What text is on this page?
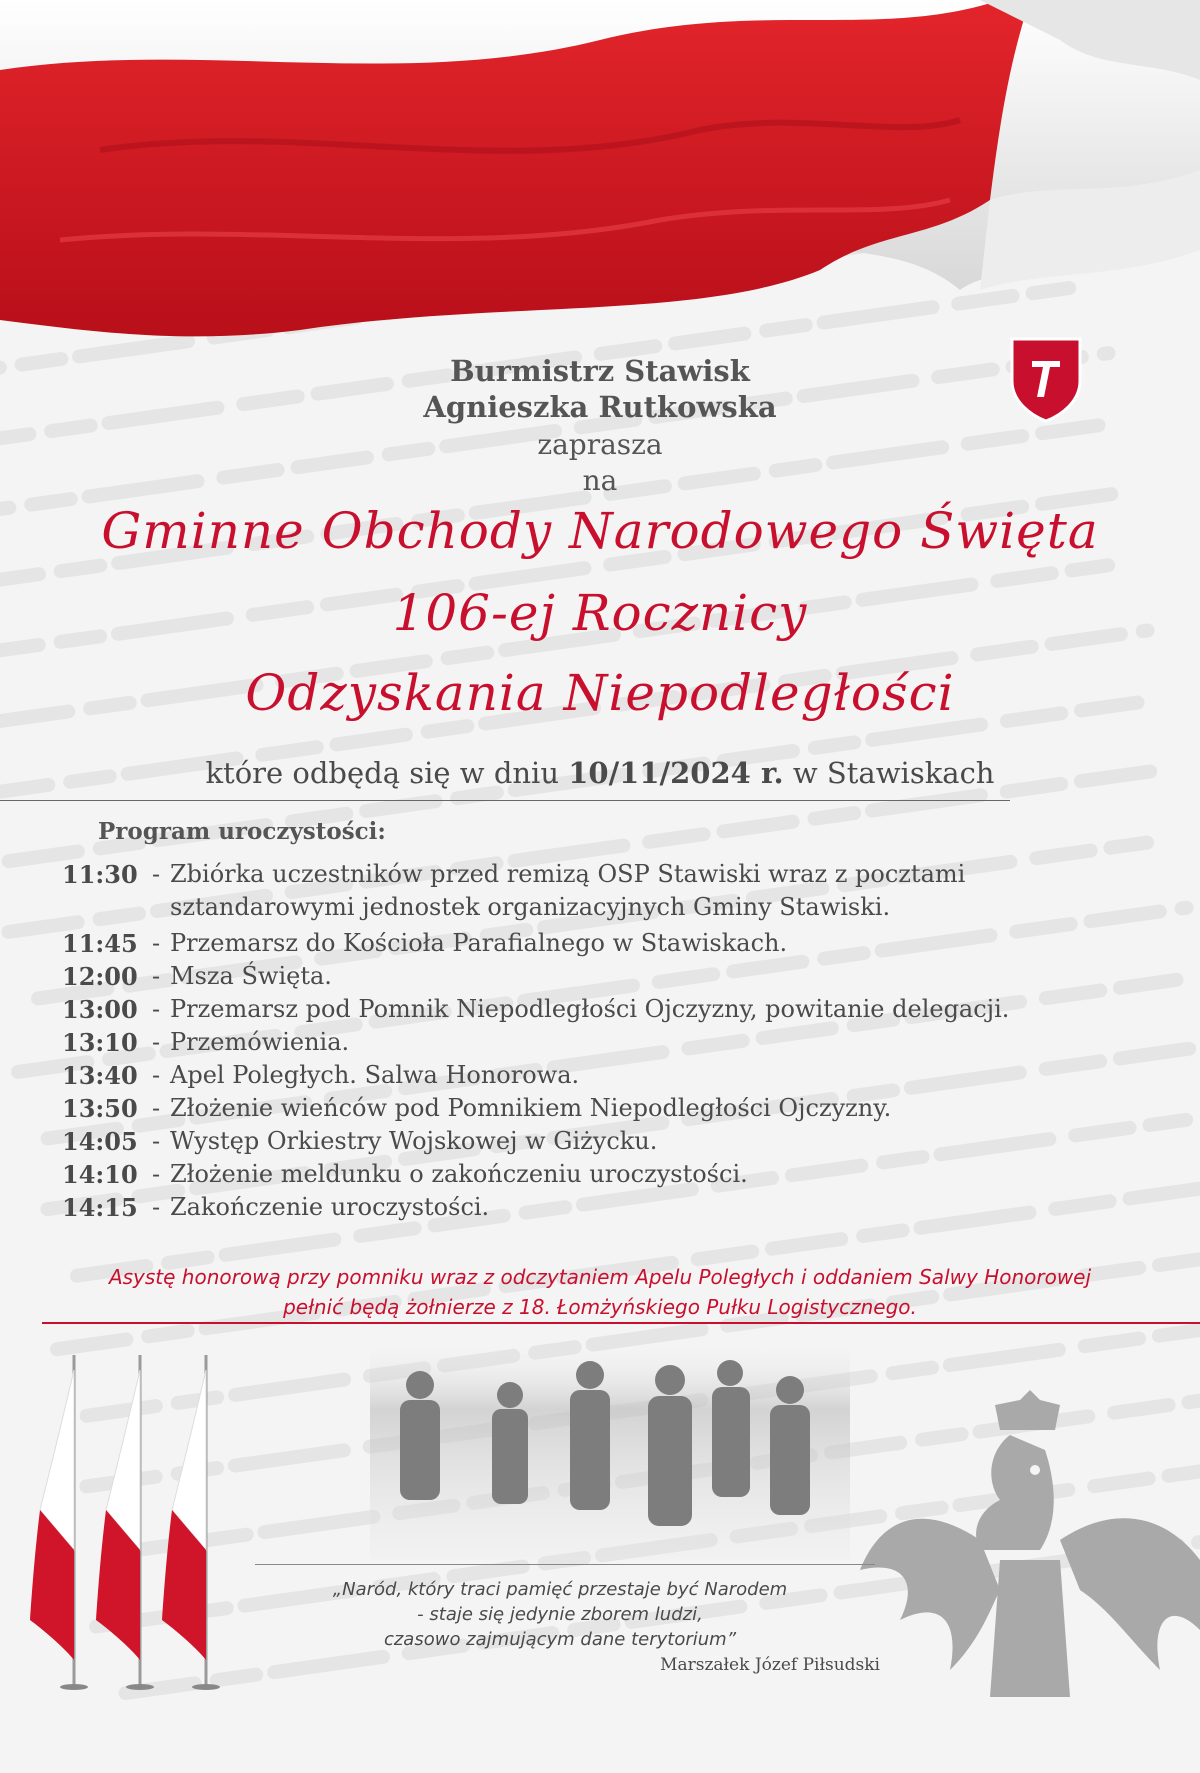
Burmistrz Stawisk
Agnieszka Rutkowska
zaprasza
na
Gminne Obchody Narodowego Święta
106-ej Rocznicy
Odzyskania Niepodległości
które odbędą się w dniu 10/11/2024 r. w Stawiskach
Program uroczystości:
11:30 - Zbiórka uczestników przed remizą OSP Stawiski wraz z pocztami
sztandarowymi jednostek organizacyjnych Gminy Stawiski.
11:45 - Przemarsz do Kościoła Parafialnego w Stawiskach.
12:00 - Msza Święta.
13:00 - Przemarsz pod Pomnik Niepodległości Ojczyzny, powitanie delegacji.
13:10 - Przemówienia.
13:40 - Apel Poległych. Salwa Honorowa.
13:50 - Złożenie wieńców pod Pomnikiem Niepodległości Ojczyzny.
14:05 - Występ Orkiestry Wojskowej w Giżycku.
14:10 - Złożenie meldunku o zakończeniu uroczystości.
14:15 - Zakończenie uroczystości.
Asystę honorową przy pomniku wraz z odczytaniem Apelu Poległych i oddaniem Salwy Honorowej
pełnić będą żołnierze z 18. Łomżyńskiego Pułku Logistycznego.
„Naród, który traci pamięć przestaje być Narodem
- staje się jedynie zborem ludzi,
czasowo zajmującym dane terytorium”
Marszałek Józef Piłsudski
